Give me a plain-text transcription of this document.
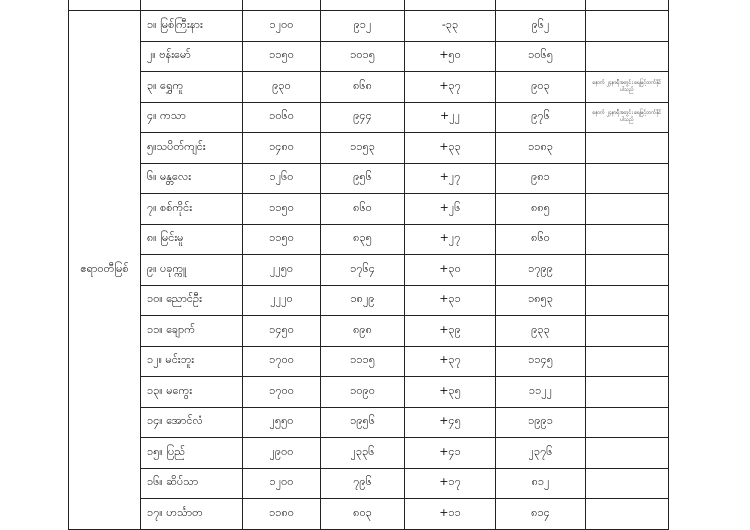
ဧရာဝတီမြစ်	၁။ မြစ်ကြီးနား	၁၂၀၀	၉၁၂	-၃၃	၉၆၂	
	၂။ ဗန်းမော်	၁၁၅၀	၁၀၁၅	+၅၀	၁၀၆၅	
	၃။ ရွှေကူ	၉၃၀	၈၆၈	+၃၇	၉၀၃	နောက် ၂၄နာရီအတွင်း ရေမြင့်တက်နိုင်ပါသည်
	၄။ ကသာ	၁၀၆၀	၉၄၄	+၂၂	၉၇၆	နောက် ၂၄နာရီအတွင်း ရေမြင့်တက်နိုင်ပါသည်
	၅။သပိတ်ကျင်း	၁၄၈၀	၁၁၅၃	+၃၃	၁၁၈၃	
	၆။ မန္တလေး	၁၂၆၀	၉၅၆	+၂၇	၉၈၁	
	၇။ စစ်ကိုင်း	၁၁၅၀	၈၆၀	+၂၆	၈၈၅	
	၈။ မြင်းမူ	၁၁၅၀	၈၃၅	+၂၇	၈၆၀	
	၉။ ပခုက္ကူ	၂၂၅၀	၁၇၆၄	+၃၀	၁၇၉၉	
	၁၀။ ညောင်ဦး	၂၂၂၀	၁၈၂၉	+၃၁	၁၈၅၃	
	၁၁။ ချောက်	၁၄၅၀	၈၉၈	+၃၉	၉၃၃	
	၁၂။ မင်းဘူး	၁၇၀၀	၁၁၁၅	+၃၇	၁၁၄၅	
	၁၃။ မကွေး	၁၇၀၀	၁၀၉၀	+၃၅	၁၁၂၂	
	၁၄။ အောင်လံ	၂၅၅၀	၁၉၅၆	+၄၅	၁၉၉၁	
	၁၅။ ပြည်	၂၉၀၀	၂၃၃၆	+၄၁	၂၃၇၆	
	၁၆။ ဆိပ်သာ	၁၂၀၀	၇၉၆	+၁၇	၈၁၂	
	၁၇။ ဟင်္သာတ	၁၁၈၀	၈၀၃	+၁၁	၈၁၄	
